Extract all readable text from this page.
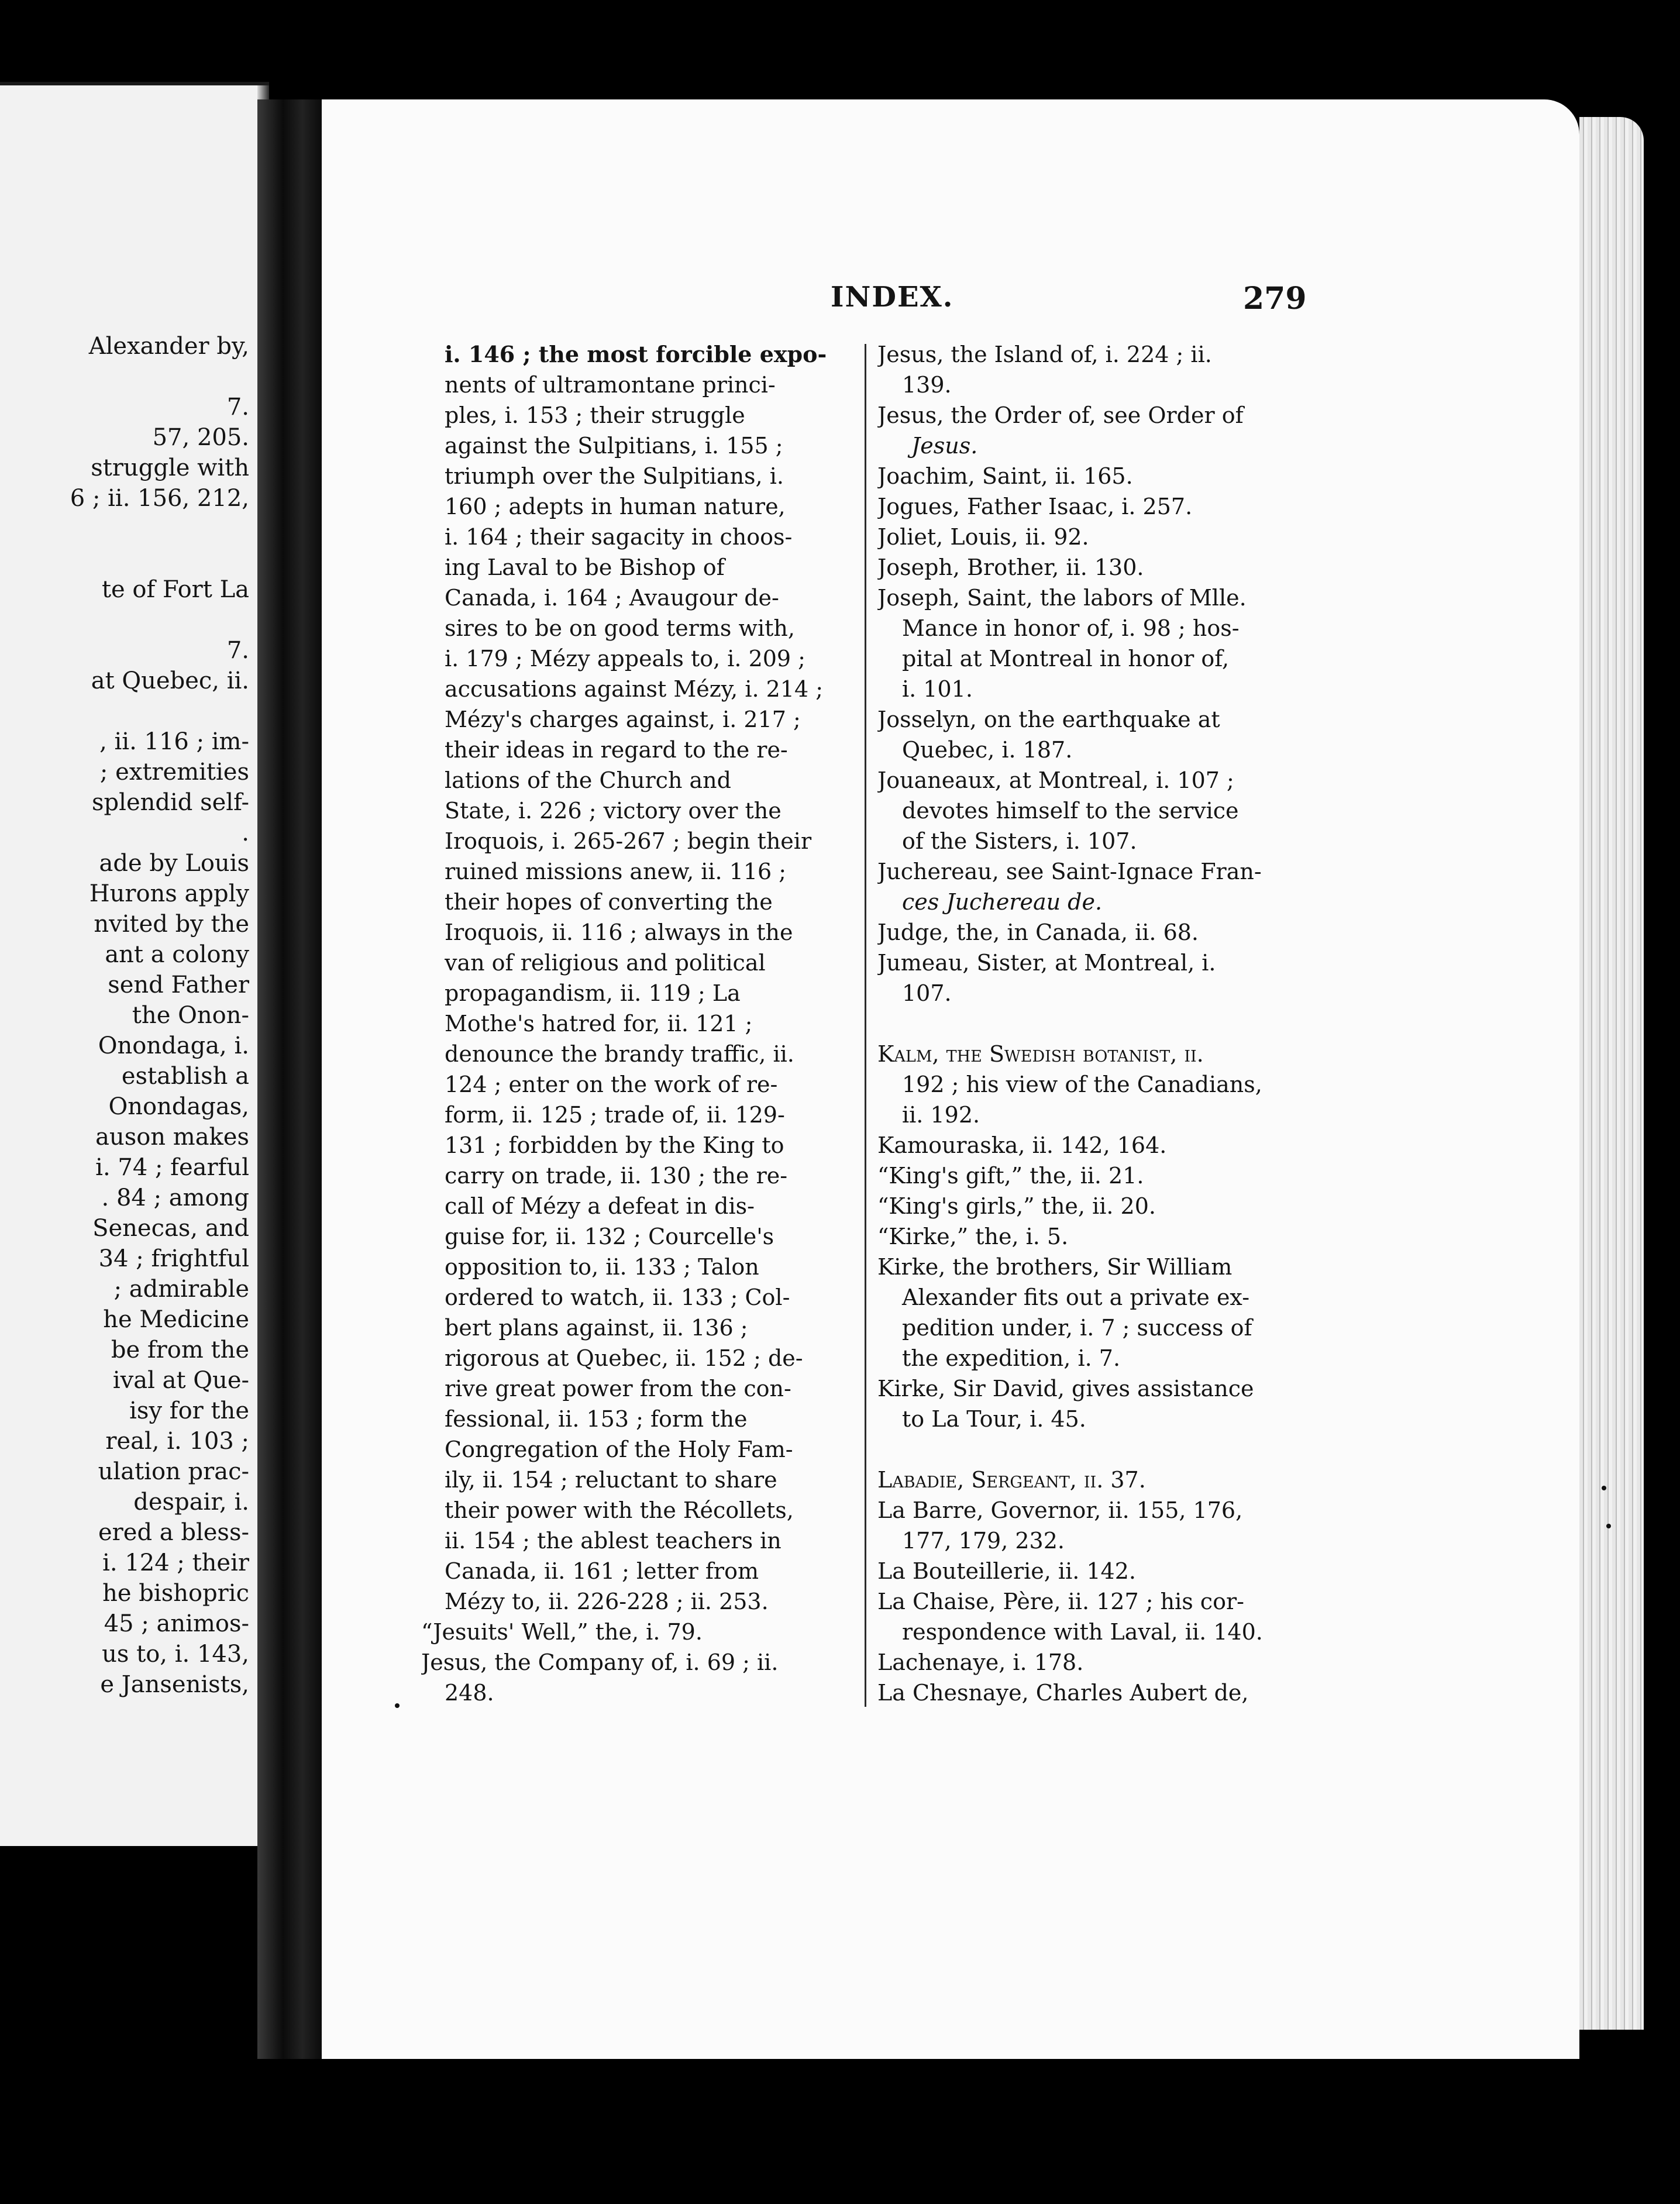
Alexander by,
7.
57, 205.
struggle with
6 ; ii. 156, 212,
te of Fort La
7.
at Quebec, ii.
, ii. 116 ; im-
; extremities
splendid self-
.
ade by Louis
Hurons apply
nvited by the
ant a colony
send Father
the Onon-
Onondaga, i.
establish a
Onondagas,
auson makes
i. 74 ; fearful
. 84 ; among
Senecas, and
34 ; frightful
; admirable
he Medicine
be from the
ival at Que-
isy for the
real, i. 103 ;
ulation prac-
despair, i.
ered a bless-
i. 124 ; their
he bishopric
45 ; animos-
us to, i. 143,
e Jansenists,
INDEX.	279
i. 146 ; the most forcible expo-
nents of ultramontane princi-
ples, i. 153 ; their struggle
against the Sulpitians, i. 155 ;
triumph over the Sulpitians, i.
160 ; adepts in human nature,
i. 164 ; their sagacity in choos-
ing Laval to be Bishop of
Canada, i. 164 ; Avaugour de-
sires to be on good terms with,
i. 179 ; Mézy appeals to, i. 209 ;
accusations against Mézy, i. 214 ;
Mézy's charges against, i. 217 ;
their ideas in regard to the re-
lations of the Church and
State, i. 226 ; victory over the
Iroquois, i. 265-267 ; begin their
ruined missions anew, ii. 116 ;
their hopes of converting the
Iroquois, ii. 116 ; always in the
van of religious and political
propagandism, ii. 119 ; La
Mothe's hatred for, ii. 121 ;
denounce the brandy traffic, ii.
124 ; enter on the work of re-
form, ii. 125 ; trade of, ii. 129-
131 ; forbidden by the King to
carry on trade, ii. 130 ; the re-
call of Mézy a defeat in dis-
guise for, ii. 132 ; Courcelle's
opposition to, ii. 133 ; Talon
ordered to watch, ii. 133 ; Col-
bert plans against, ii. 136 ;
rigorous at Quebec, ii. 152 ; de-
rive great power from the con-
fessional, ii. 153 ; form the
Congregation of the Holy Fam-
ily, ii. 154 ; reluctant to share
their power with the Récollets,
ii. 154 ; the ablest teachers in
Canada, ii. 161 ; letter from
Mézy to, ii. 226-228 ; ii. 253.
“Jesuits' Well,” the, i. 79.
Jesus, the Company of, i. 69 ; ii.
248.
Jesus, the Island of, i. 224 ; ii.
139.
Jesus, the Order of, see Order of
Jesus.
Joachim, Saint, ii. 165.
Jogues, Father Isaac, i. 257.
Joliet, Louis, ii. 92.
Joseph, Brother, ii. 130.
Joseph, Saint, the labors of Mlle.
Mance in honor of, i. 98 ; hos-
pital at Montreal in honor of,
i. 101.
Josselyn, on the earthquake at
Quebec, i. 187.
Jouaneaux, at Montreal, i. 107 ;
devotes himself to the service
of the Sisters, i. 107.
Juchereau, see Saint-Ignace Fran-
ces Juchereau de.
Judge, the, in Canada, ii. 68.
Jumeau, Sister, at Montreal, i.
107.
Kalm, the Swedish botanist, ii.
192 ; his view of the Canadians,
ii. 192.
Kamouraska, ii. 142, 164.
“King's gift,” the, ii. 21.
“King's girls,” the, ii. 20.
“Kirke,” the, i. 5.
Kirke, the brothers, Sir William
Alexander fits out a private ex-
pedition under, i. 7 ; success of
the expedition, i. 7.
Kirke, Sir David, gives assistance
to La Tour, i. 45.
Labadie, Sergeant, ii. 37.
La Barre, Governor, ii. 155, 176,
177, 179, 232.
La Bouteillerie, ii. 142.
La Chaise, Père, ii. 127 ; his cor-
respondence with Laval, ii. 140.
Lachenaye, i. 178.
La Chesnaye, Charles Aubert de,
